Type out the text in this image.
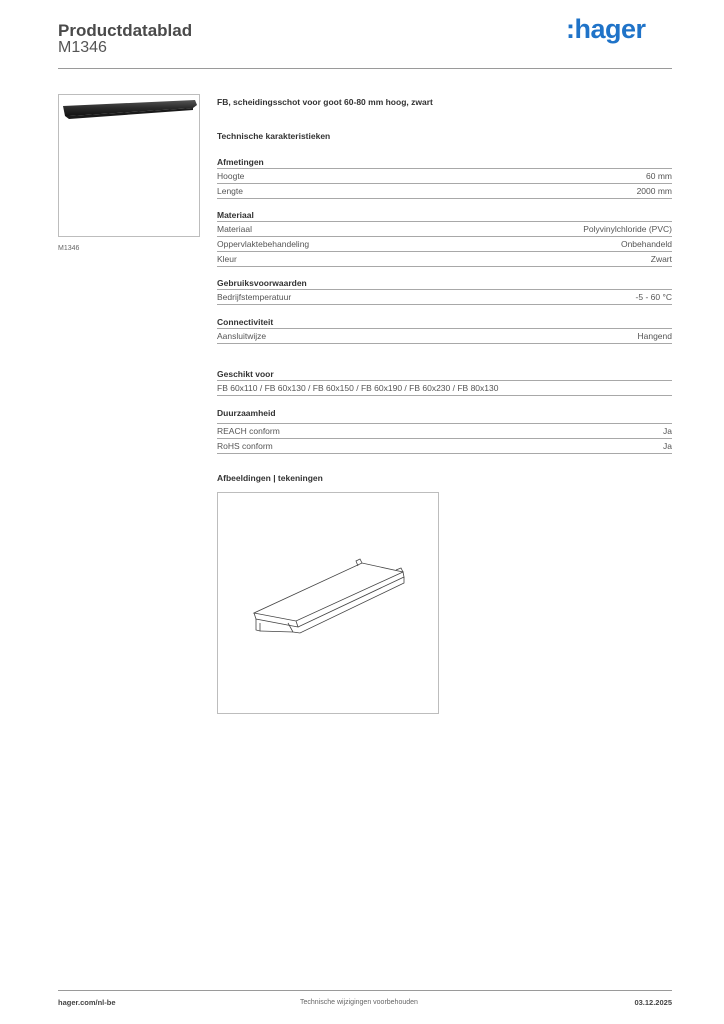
Productdatablad
M1346
:hager
M1346
FB, scheidingsschot voor goot 60-80 mm hoog, zwart
Technische karakteristieken
Afmetingen
Hoogte	60 mm
Lengte	2000 mm
Materiaal
Materiaal	Polyvinylchloride (PVC)
Oppervlaktebehandeling	Onbehandeld
Kleur	Zwart
Gebruiksvoorwaarden
Bedrijfstemperatuur	-5 - 60 °C
Connectiviteit
Aansluitwijze	Hangend
Geschikt voor
FB 60x110 / FB 60x130 / FB 60x150 / FB 60x190 / FB 60x230 / FB 80x130
Duurzaamheid
REACH conform	Ja
RoHS conform	Ja
Afbeeldingen | tekeningen
hager.com/nl-be	Technische wijzigingen voorbehouden	03.12.2025
